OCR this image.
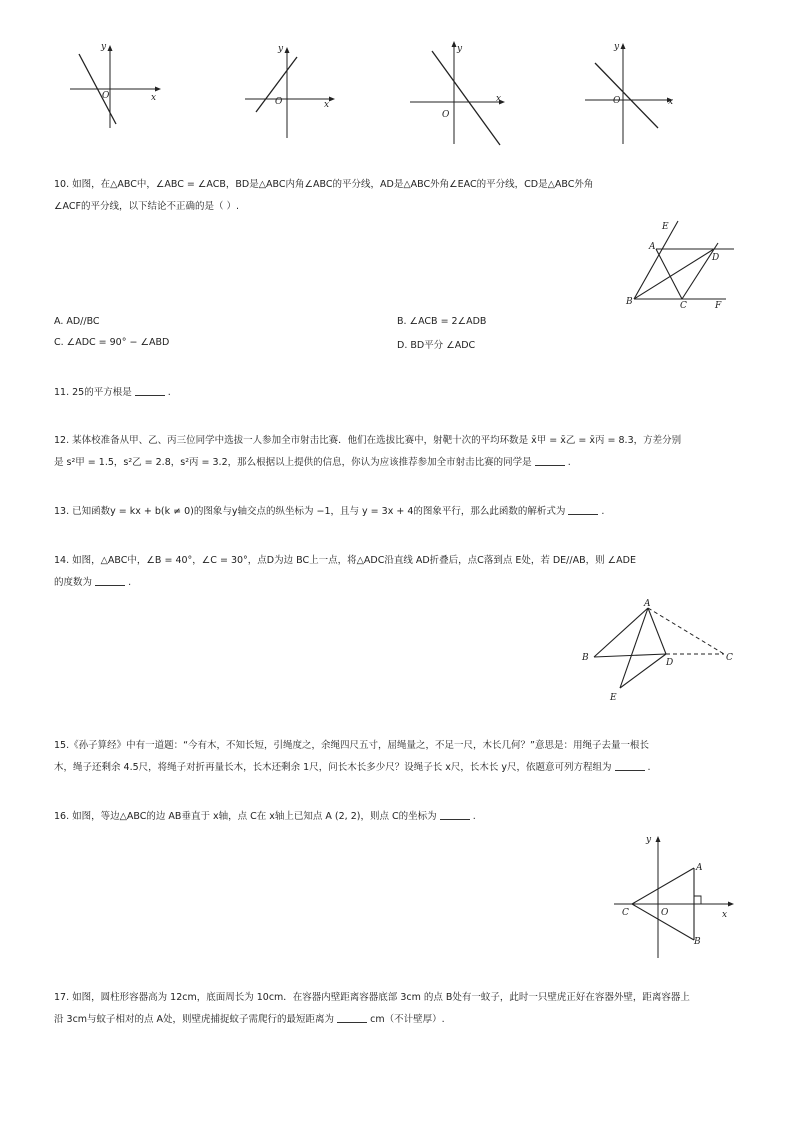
y
x
O
y
x
O
y
x
O
y
x
O
10. 如图，在△ABC中，∠ABC = ∠ACB，BD是△ABC内角∠ABC的平分线，AD是△ABC外角∠EAC的平分线，CD是△ABC外角
∠ACF的平分线，以下结论不正确的是（ ）.
E
A
D
B	C	F
A. AD//BC	B. ∠ACB = 2∠ADB
C. ∠ADC = 90° − ∠ABD	D. BD平分 ∠ADC
11. 25的平方根是	.
12. 某体校准备从甲、乙、丙三位同学中选拔一人参加全市射击比赛．他们在选拔比赛中，射靶十次的平均环数是 x̄甲 = x̄乙 = x̄丙 = 8.3，方差分别
是 s²甲 = 1.5，s²乙 = 2.8，s²丙 = 3.2，那么根据以上提供的信息，你认为应该推荐参加全市射击比赛的同学是	.
13. 已知函数y = kx + b(k ≠ 0)的图象与y轴交点的纵坐标为 −1，且与 y = 3x + 4的图象平行，那么此函数的解析式为	.
14. 如图，△ABC中，∠B = 40°，∠C = 30°，点D为边 BC上一点，将△ADC沿直线 AD折叠后，点C落到点 E处，若 DE//AB，则 ∠ADE
的度数为	.
A
B	C
D
E
15.《孙子算经》中有一道题：“今有木，不知长短，引绳度之，余绳四尺五寸，屈绳量之，不足一尺，木长几何？”意思是：用绳子去量一根长
木，绳子还剩余 4.5尺，将绳子对折再量长木，长木还剩余 1尺，问长木长多少尺？设绳子长 x尺，长木长 y尺，依题意可列方程组为	.
16. 如图，等边△ABC的边 AB垂直于 x轴，点 C在 x轴上已知点 A (2, 2)，则点 C的坐标为	.
y
x
A
B
C	O
17. 如图，圆柱形容器高为 12cm，底面周长为 10cm．在容器内壁距离容器底部 3cm 的点 B处有一蚊子，此时一只壁虎正好在容器外壁，距离容器上
沿 3cm与蚊子相对的点 A处，则壁虎捕捉蚊子需爬行的最短距离为	cm（不计壁厚）.
